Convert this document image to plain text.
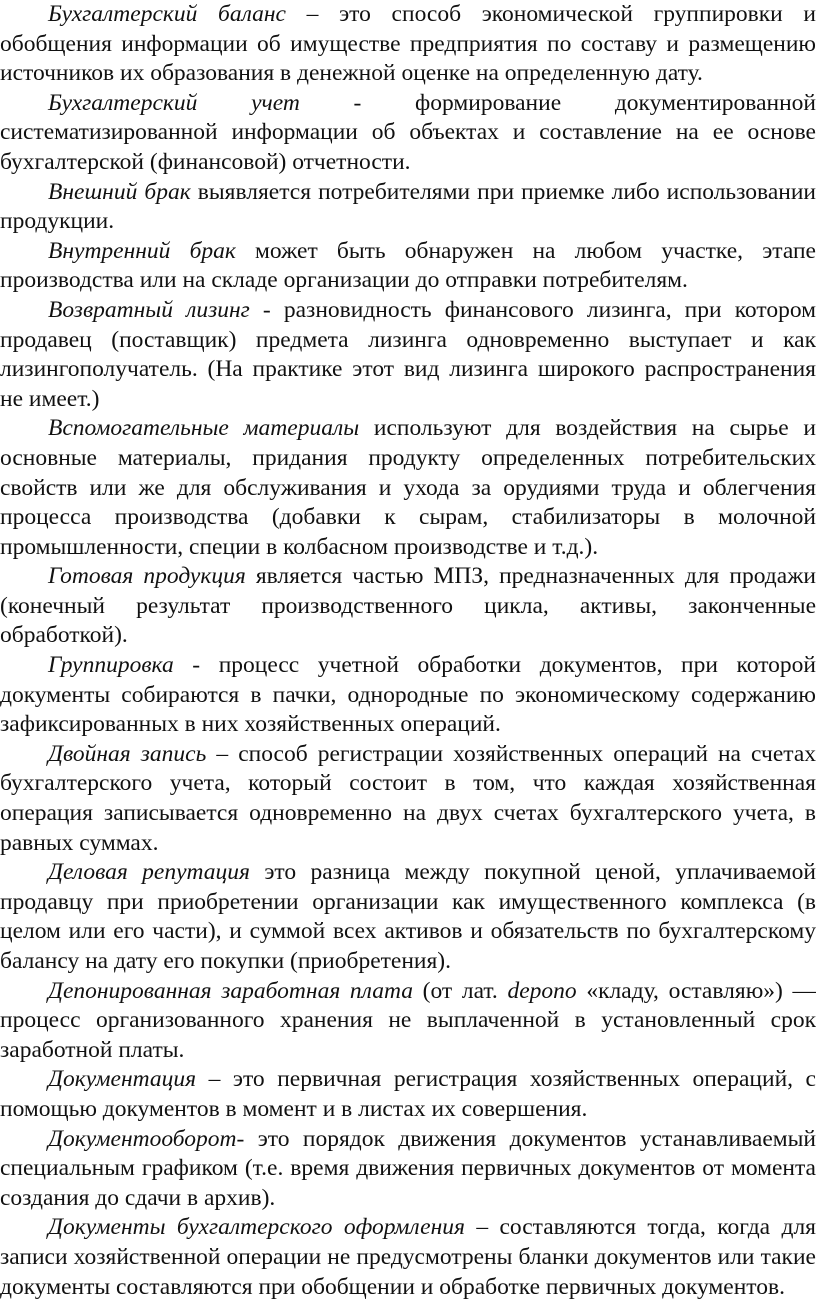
Бухгалтерский баланс – это способ экономической группировки и обобщения информации об имуществе предприятия по составу и размещению источников их образования в денежной оценке на определенную дату.

Бухгалтерский учет - формирование документированной систематизированной информации об объектах и составление на ее основе бухгалтерской (финансовой) отчетности.

Внешний брак выявляется потребителями при приемке либо использовании продукции.

Внутренний брак может быть обнаружен на любом участке, этапе производства или на складе организации до отправки потребителям.

Возвратный лизинг - разновидность финансового лизинга, при котором продавец (поставщик) предмета лизинга одновременно выступает и как лизингополучатель. (На практике этот вид лизинга широкого распространения не имеет.)

Вспомогательные материалы используют для воздействия на сырье и основные материалы, придания продукту определенных потребительских свойств или же для обслуживания и ухода за орудиями труда и облегчения процесса производства (добавки к сырам, стабилизаторы в молочной промышленности, специи в колбасном производстве и т.д.).

Готовая продукция является частью МПЗ, предназначенных для продажи (конечный результат производственного цикла, активы, законченные обработкой).

Группировка - процесс учетной обработки документов, при которой документы собираются в пачки, однородные по экономическому содержанию зафиксированных в них хозяйственных операций.

Двойная запись – способ регистрации хозяйственных операций на счетах бухгалтерского учета, который состоит в том, что каждая хозяйственная операция записывается одновременно на двух счетах бухгалтерского учета, в равных суммах.

Деловая репутация это разница между покупной ценой, уплачиваемой продавцу при приобретении организации как имущественного комплекса (в целом или его части), и суммой всех активов и обязательств по бухгалтерскому балансу на дату его покупки (приобретения).

Депонированная заработная плата (от лат. depono «кладу, оставляю») — процесс организованного хранения не выплаченной в установленный срок заработной платы.

Документация – это первичная регистрация хозяйственных операций, с помощью документов в момент и в листах их совершения.

Документооборот- это порядок движения документов устанавливаемый специальным графиком (т.е. время движения первичных документов от момента создания до сдачи в архив).

Документы бухгалтерского оформления – составляются тогда, когда для записи хозяйственной операции не предусмотрены бланки документов или такие документы составляются при обобщении и обработке первичных документов.
